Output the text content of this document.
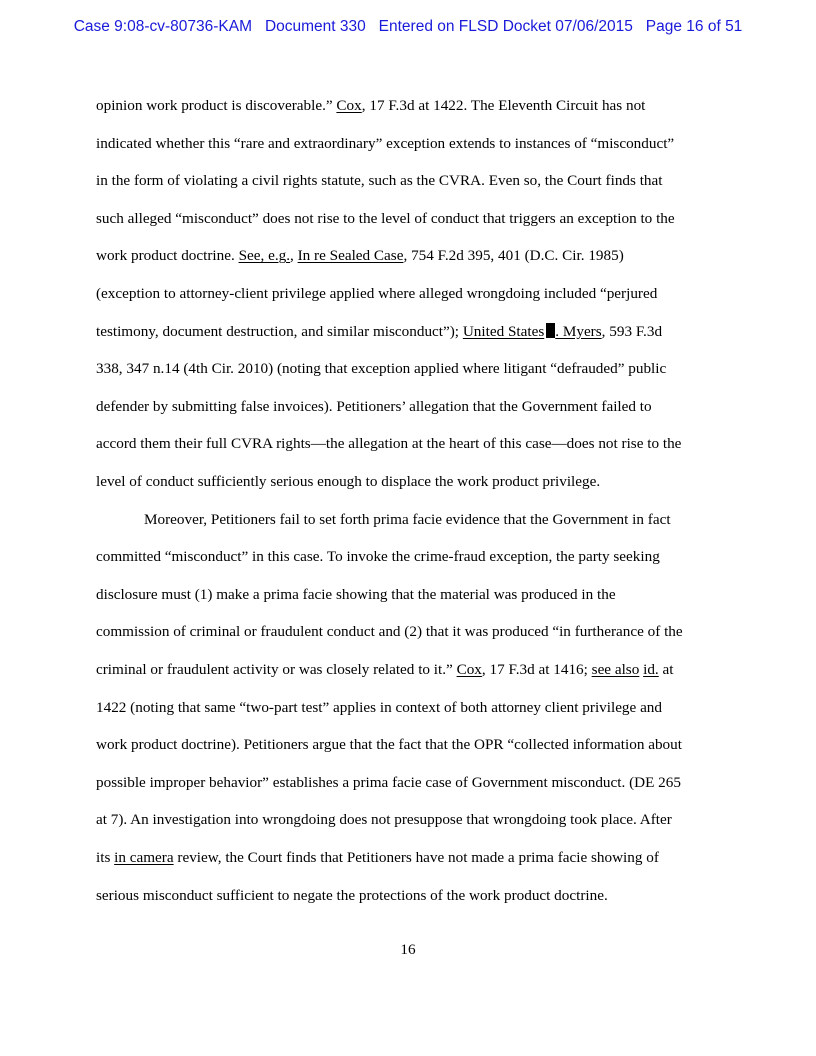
Case 9:08-cv-80736-KAM   Document 330   Entered on FLSD Docket 07/06/2015   Page 16 of 51
opinion work product is discoverable.” Cox, 17 F.3d at 1422. The Eleventh Circuit has not
indicated whether this “rare and extraordinary” exception extends to instances of “misconduct”
in the form of violating a civil rights statute, such as the CVRA. Even so, the Court finds that
such alleged “misconduct” does not rise to the level of conduct that triggers an exception to the
work product doctrine. See, e.g., In re Sealed Case, 754 F.2d 395, 401 (D.C. Cir. 1985)
(exception to attorney-client privilege applied where alleged wrongdoing included “perjured
testimony, document destruction, and similar misconduct”); United States . Myers, 593 F.3d
338, 347 n.14 (4th Cir. 2010) (noting that exception applied where litigant “defrauded” public
defender by submitting false invoices). Petitioners’ allegation that the Government failed to
accord them their full CVRA rights—the allegation at the heart of this case—does not rise to the
level of conduct sufficiently serious enough to displace the work product privilege.
Moreover, Petitioners fail to set forth prima facie evidence that the Government in fact
committed “misconduct” in this case. To invoke the crime-fraud exception, the party seeking
disclosure must (1) make a prima facie showing that the material was produced in the
commission of criminal or fraudulent conduct and (2) that it was produced “in furtherance of the
criminal or fraudulent activity or was closely related to it.” Cox, 17 F.3d at 1416; see also id. at
1422 (noting that same “two-part test” applies in context of both attorney client privilege and
work product doctrine). Petitioners argue that the fact that the OPR “collected information about
possible improper behavior” establishes a prima facie case of Government misconduct. (DE 265
at 7). An investigation into wrongdoing does not presuppose that wrongdoing took place. After
its in camera review, the Court finds that Petitioners have not made a prima facie showing of
serious misconduct sufficient to negate the protections of the work product doctrine.
16
